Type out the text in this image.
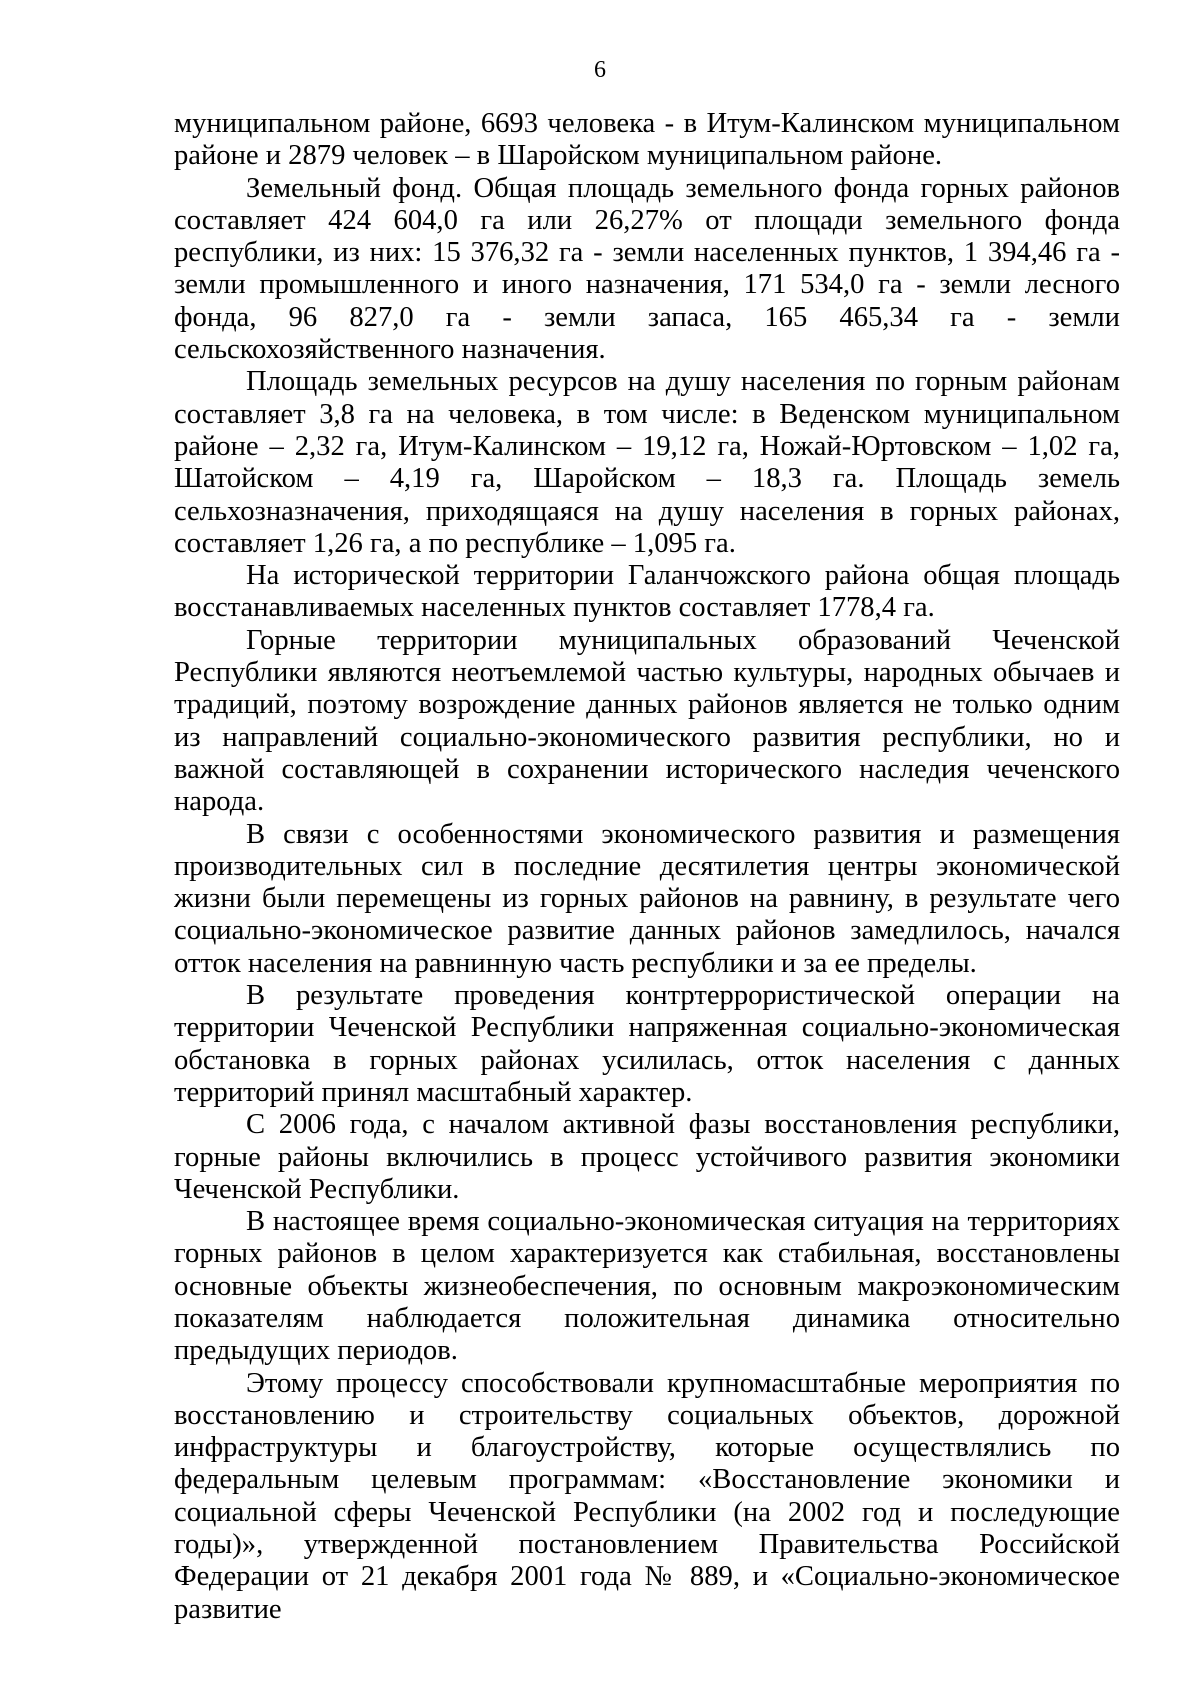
6

муниципальном районе, 6693 человека - в Итум-Калинском муниципальном районе и 2879 человек – в Шаройском муниципальном районе.

Земельный фонд. Общая площадь земельного фонда горных районов составляет 424 604,0 га или 26,27% от площади земельного фонда республики, из них: 15 376,32 га - земли населенных пунктов, 1 394,46 га - земли промышленного и иного назначения, 171 534,0 га - земли лесного фонда, 96 827,0 га - земли запаса, 165 465,34 га - земли сельскохозяйственного назначения.

Площадь земельных ресурсов на душу населения по горным районам составляет 3,8 га на человека, в том числе: в Веденском муниципальном районе – 2,32 га, Итум-Калинском – 19,12 га, Ножай-Юртовском – 1,02 га, Шатойском – 4,19 га, Шаройском – 18,3 га. Площадь земель сельхозназначения, приходящаяся на душу населения в горных районах, составляет 1,26 га, а по республике – 1,095 га.

На исторической территории Галанчожского района общая площадь восстанавливаемых населенных пунктов составляет 1778,4 га.

Горные территории муниципальных образований Чеченской Республики являются неотъемлемой частью культуры, народных обычаев и традиций, поэтому возрождение данных районов является не только одним из направлений социально-экономического развития республики, но и важной составляющей в сохранении исторического наследия чеченского народа.

В связи с особенностями экономического развития и размещения производительных сил в последние десятилетия центры экономической жизни были перемещены из горных районов на равнину, в результате чего социально-экономическое развитие данных районов замедлилось, начался отток населения на равнинную часть республики и за ее пределы.

В результате проведения контртеррористической операции на территории Чеченской Республики напряженная социально-экономическая обстановка в горных районах усилилась, отток населения с данных территорий принял масштабный характер.

С 2006 года, с началом активной фазы восстановления республики, горные районы включились в процесс устойчивого развития экономики Чеченской Республики.

В настоящее время социально-экономическая ситуация на территориях горных районов в целом характеризуется как стабильная, восстановлены основные объекты жизнеобеспечения, по основным макроэкономическим показателям наблюдается положительная динамика относительно предыдущих периодов.

Этому процессу способствовали крупномасштабные мероприятия по восстановлению и строительству социальных объектов, дорожной инфраструктуры и благоустройству, которые осуществлялись по федеральным целевым программам: «Восстановление экономики и социальной сферы Чеченской Республики (на 2002 год и последующие годы)», утвержденной постановлением Правительства Российской Федерации от 21 декабря 2001 года № 889, и «Социально-экономическое развитие
